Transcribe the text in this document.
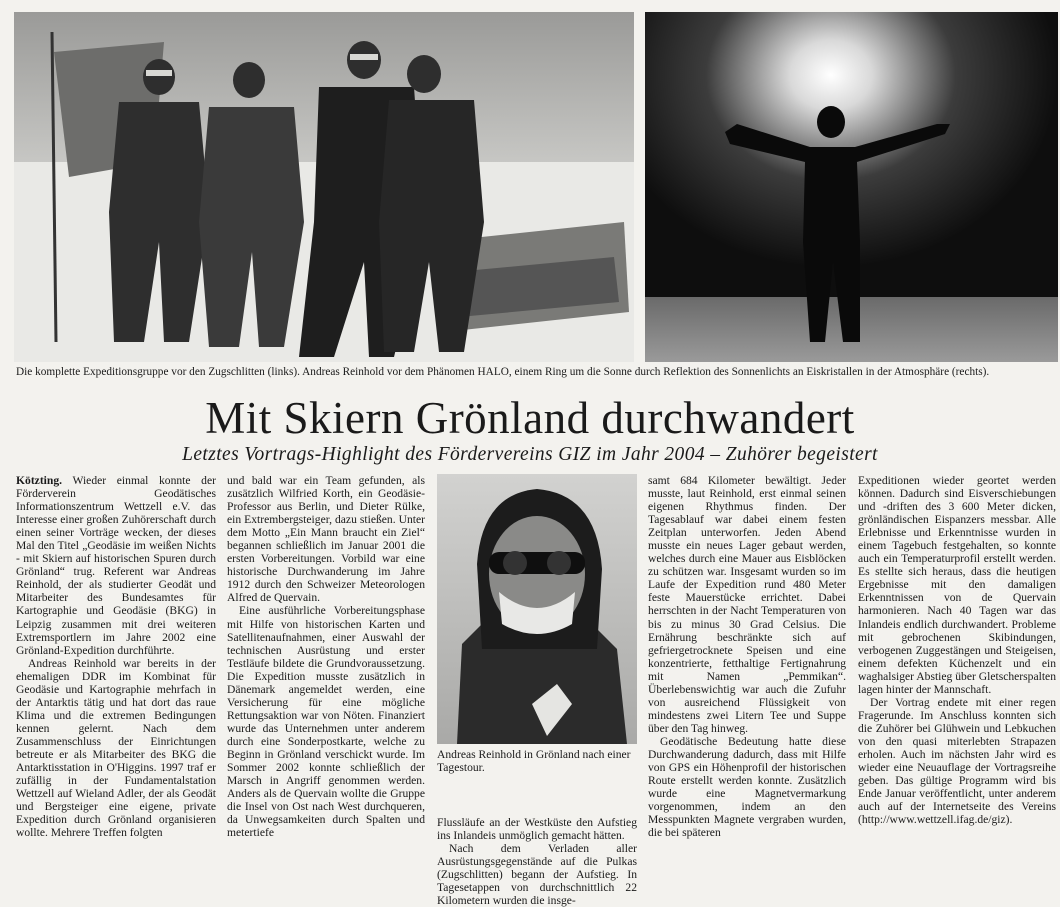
Die komplette Expeditionsgruppe vor den Zugschlitten (links). Andreas Reinhold vor dem Phänomen HALO, einem Ring um die Sonne durch Reflektion des Sonnenlichts an Eiskristallen in der Atmosphäre (rechts).
Mit Skiern Grönland durchwandert
Letztes Vortrags-Highlight des Fördervereins GIZ im Jahr 2004 – Zuhörer begeistert

Kötzting. Wieder einmal konnte der Förderverein Geodätisches Informationszentrum Wettzell e.V. das Interesse einer großen Zuhörerschaft durch einen seiner Vorträge wecken, der dieses Mal den Titel „Geodäsie im weißen Nichts - mit Skiern auf historischen Spuren durch Grönland“ trug. Referent war Andreas Reinhold, der als studierter Geodät und Mitarbeiter des Bundesamtes für Kartographie und Geodäsie (BKG) in Leipzig zusammen mit drei weiteren Extremsportlern im Jahre 2002 eine Grönland-Expedition durchführte.

Andreas Reinhold war bereits in der ehemaligen DDR im Kombinat für Geodäsie und Kartographie mehrfach in der Antarktis tätig und hat dort das raue Klima und die extremen Bedingungen kennen gelernt. Nach dem Zusammenschluss der Einrichtungen betreute er als Mitarbeiter des BKG die Antarktisstation in O'Higgins. 1997 traf er zufällig in der Fundamentalstation Wettzell auf Wieland Adler, der als Geodät und Bergsteiger eine eigene, private Expedition durch Grönland organisieren wollte. Mehrere Treffen folgten

und bald war ein Team gefunden, als zusätzlich Wilfried Korth, ein Geodäsie-Professor aus Berlin, und Dieter Rülke, ein Extrembergsteiger, dazu stießen. Unter dem Motto „Ein Mann braucht ein Ziel“ begannen schließlich im Januar 2001 die ersten Vorbereitungen. Vorbild war eine historische Durchwanderung im Jahre 1912 durch den Schweizer Meteorologen Alfred de Quervain.

Eine ausführliche Vorbereitungsphase mit Hilfe von historischen Karten und Satellitenaufnahmen, einer Auswahl der technischen Ausrüstung und erster Testläufe bildete die Grundvoraussetzung. Die Expedition musste zusätzlich in Dänemark angemeldet werden, eine Versicherung für eine mögliche Rettungsaktion war von Nöten. Finanziert wurde das Unternehmen unter anderem durch eine Sonderpostkarte, welche zu Beginn in Grönland verschickt wurde. Im Sommer 2002 konnte schließlich der Marsch in Angriff genommen werden. Anders als de Quervain wollte die Gruppe die Insel von Ost nach West durchqueren, da Unwegsamkeiten durch Spalten und metertiefe

Andreas Reinhold in Grönland nach einer Tagestour.

Flussläufe an der Westküste den Aufstieg ins Inlandeis unmöglich gemacht hätten.

Nach dem Verladen aller Ausrüstungsgegenstände auf die Pulkas (Zugschlitten) begann der Aufstieg. In Tagesetappen von durchschnittlich 22 Kilometern wurden die insge-

samt 684 Kilometer bewältigt. Jeder musste, laut Reinhold, erst einmal seinen eigenen Rhythmus finden. Der Tagesablauf war dabei einem festen Zeitplan unterworfen. Jeden Abend musste ein neues Lager gebaut werden, welches durch eine Mauer aus Eisblöcken zu schützen war. Insgesamt wurden so im Laufe der Expedition rund 480 Meter feste Mauerstücke errichtet. Dabei herrschten in der Nacht Temperaturen von bis zu minus 30 Grad Celsius. Die Ernährung beschränkte sich auf gefriergetrocknete Speisen und eine konzentrierte, fetthaltige Fertignahrung mit Namen „Pemmikan“. Überlebenswichtig war auch die Zufuhr von ausreichend Flüssigkeit von mindestens zwei Litern Tee und Suppe über den Tag hinweg.

Geodätische Bedeutung hatte diese Durchwanderung dadurch, dass mit Hilfe von GPS ein Höhenprofil der historischen Route erstellt werden konnte. Zusätzlich wurde eine Magnetvermarkung vorgenommen, indem an den Messpunkten Magnete vergraben wurden, die bei späteren

Expeditionen wieder geortet werden können. Dadurch sind Eisverschiebungen und -driften des 3 600 Meter dicken, grönländischen Eispanzers messbar. Alle Erlebnisse und Erkenntnisse wurden in einem Tagebuch festgehalten, so konnte auch ein Temperaturprofil erstellt werden. Es stellte sich heraus, dass die heutigen Ergebnisse mit den damaligen Erkenntnissen von de Quervain harmonieren. Nach 40 Tagen war das Inlandeis endlich durchwandert. Probleme mit gebrochenen Skibindungen, verbogenen Zuggestängen und Steigeisen, einem defekten Küchenzelt und ein waghalsiger Abstieg über Gletscherspalten lagen hinter der Mannschaft.

Der Vortrag endete mit einer regen Fragerunde. Im Anschluss konnten sich die Zuhörer bei Glühwein und Lebkuchen von den quasi miterlebten Strapazen erholen. Auch im nächsten Jahr wird es wieder eine Neuauflage der Vortragsreihe geben. Das gültige Programm wird bis Ende Januar veröffentlicht, unter anderem auch auf der Internetseite des Vereins (http://www.wettzell.ifag.de/giz).
